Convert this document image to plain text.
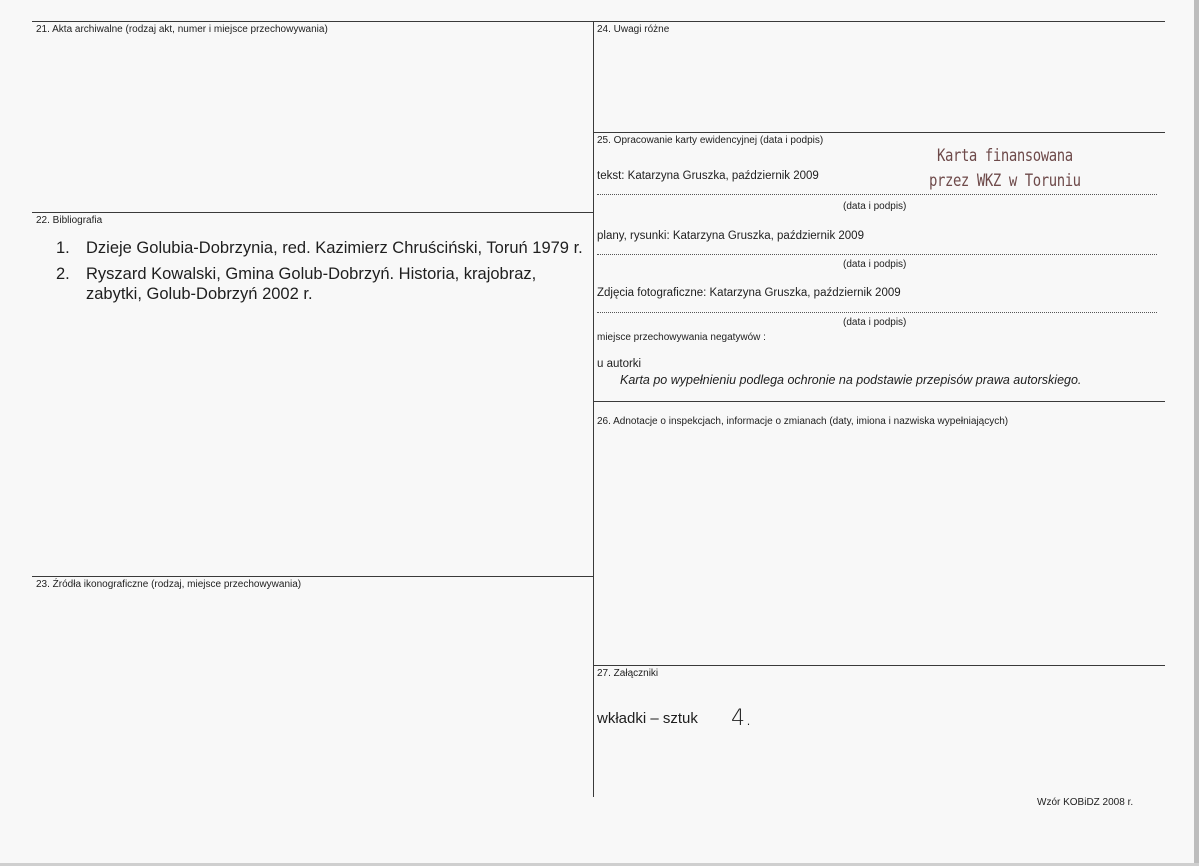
21. Akta archiwalne (rodzaj akt, numer i miejsce przechowywania)
22. Bibliografia
1. Dzieje Golubia-Dobrzynia, red. Kazimierz Chruściński, Toruń 1979 r.
2. Ryszard Kowalski, Gmina Golub-Dobrzyń. Historia, krajobraz, zabytki, Golub-Dobrzyń 2002 r.
23. Źródła ikonograficzne (rodzaj, miejsce przechowywania)
24. Uwagi różne
25. Opracowanie karty ewidencyjnej (data i podpis)
Karta finansowana
przez WKZ w Toruniu
tekst: Katarzyna Gruszka, październik 2009
(data i podpis)
plany, rysunki: Katarzyna Gruszka, październik 2009
(data i podpis)
Zdjęcia fotograficzne: Katarzyna Gruszka, październik 2009
(data i podpis)
miejsce przechowywania negatywów :
u autorki
Karta po wypełnieniu podlega ochronie na podstawie przepisów prawa autorskiego.
26. Adnotacje o inspekcjach, informacje o zmianach (daty, imiona i nazwiska wypełniających)
27. Załączniki
wkładki – sztuk 4.
Wzór KOBiDZ 2008 r.
